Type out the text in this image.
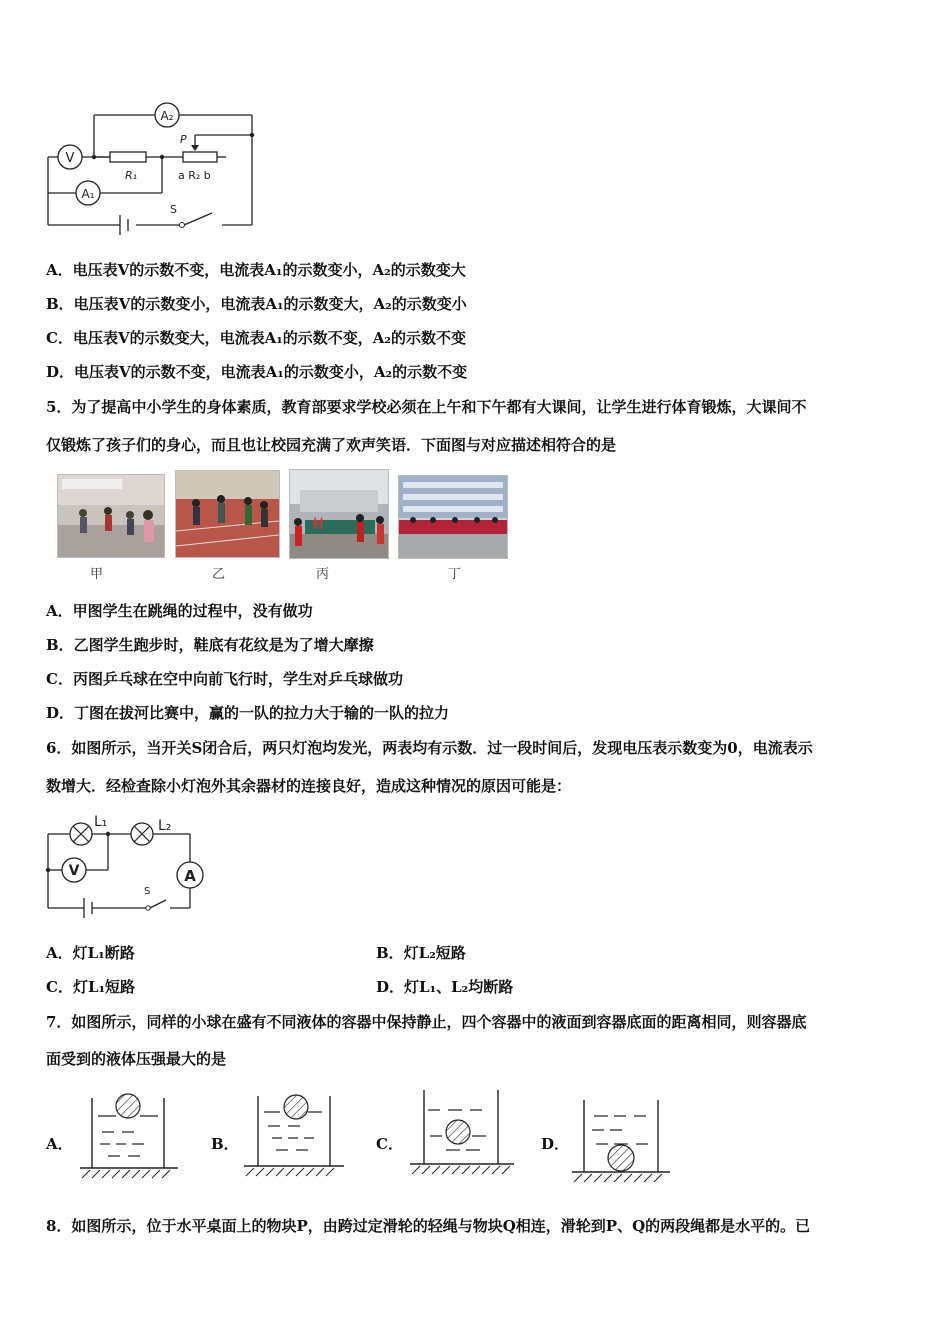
A₂
V
A₁
R₁	a R₂ b
P
S
A．电压表V的示数不变，电流表A₁的示数变小，A₂的示数变大
B．电压表V的示数变小，电流表A₁的示数变大，A₂的示数变小
C．电压表V的示数变大，电流表A₁的示数不变，A₂的示数不变
D．电压表V的示数不变，电流表A₁的示数变小，A₂的示数不变
5．为了提高中小学生的身体素质，教育部要求学校必须在上午和下午都有大课间，让学生进行体育锻炼，大课间不
仅锻炼了孩子们的身心，而且也让校园充满了欢声笑语．下面图与对应描述相符合的是
村
甲	乙	丙	丁
A．甲图学生在跳绳的过程中，没有做功
B．乙图学生跑步时，鞋底有花纹是为了增大摩擦
C．丙图乒乓球在空中向前飞行时，学生对乒乓球做功
D．丁图在拔河比赛中，赢的一队的拉力大于输的一队的拉力
6．如图所示，当开关S闭合后，两只灯泡均发光，两表均有示数．过一段时间后，发现电压表示数变为0，电流表示
数增大．经检查除小灯泡外其余器材的连接良好，造成这种情况的原因可能是：
L₁	L₂
V	A
S
A．灯L₁断路	B．灯L₂短路
C．灯L₁短路	D．灯L₁、L₂均断路
7．如图所示，同样的小球在盛有不同液体的容器中保持静止，四个容器中的液面到容器底面的距离相同，则容器底
面受到的液体压强最大的是
A．	B．	C．	D．
8．如图所示，位于水平桌面上的物块P，由跨过定滑轮的轻绳与物块Q相连，滑轮到P、Q的两段绳都是水平的。已
